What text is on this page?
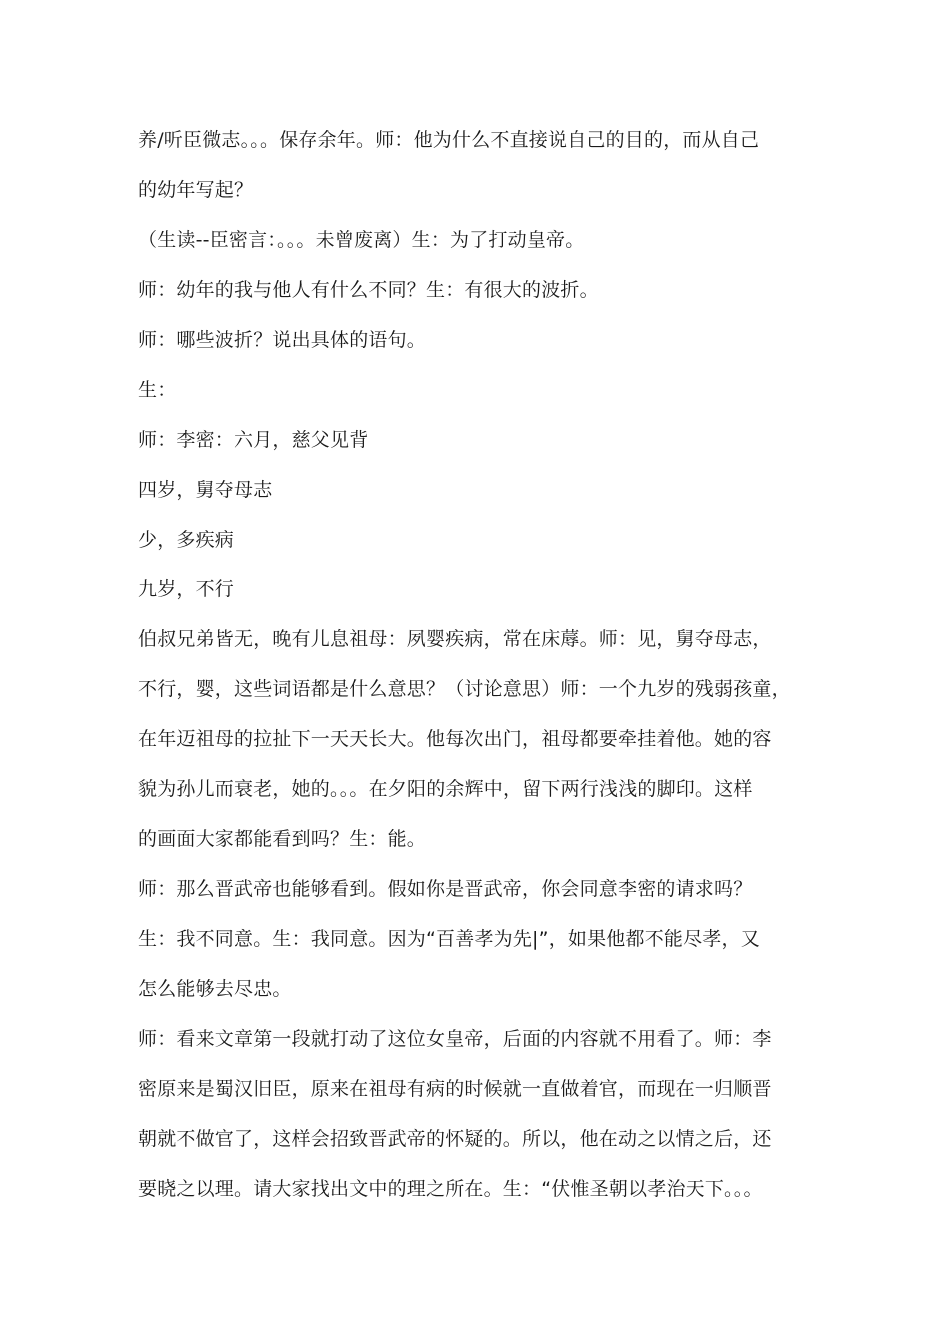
养/听臣微志。。。保存余年。师：他为什么不直接说自己的目的，而从自己
的幼年写起？
（生读--臣密言：。。。未曾废离）生：为了打动皇帝。
师：幼年的我与他人有什么不同？生：有很大的波折。
师：哪些波折？说出具体的语句。
生：
师：李密：六月，慈父见背
四岁，舅夺母志
少，多疾病
九岁，不行
伯叔兄弟皆无，晚有儿息祖母：夙婴疾病，常在床蓐。师：见，舅夺母志，
不行，婴，这些词语都是什么意思？（讨论意思）师：一个九岁的残弱孩童，
在年迈祖母的拉扯下一天天长大。他每次出门，祖母都要牵挂着他。她的容
貌为孙儿而衰老，她的。。。在夕阳的余辉中，留下两行浅浅的脚印。这样
的画面大家都能看到吗？生：能。
师：那么晋武帝也能够看到。假如你是晋武帝，你会同意李密的请求吗？
生：我不同意。生：我同意。因为“百善孝为先|”，如果他都不能尽孝，又
怎么能够去尽忠。
师：看来文章第一段就打动了这位女皇帝，后面的内容就不用看了。师：李
密原来是蜀汉旧臣，原来在祖母有病的时候就一直做着官，而现在一归顺晋
朝就不做官了，这样会招致晋武帝的怀疑的。所以，他在动之以情之后，还
要晓之以理。请大家找出文中的理之所在。生：“伏惟圣朝以孝治天下。。。
